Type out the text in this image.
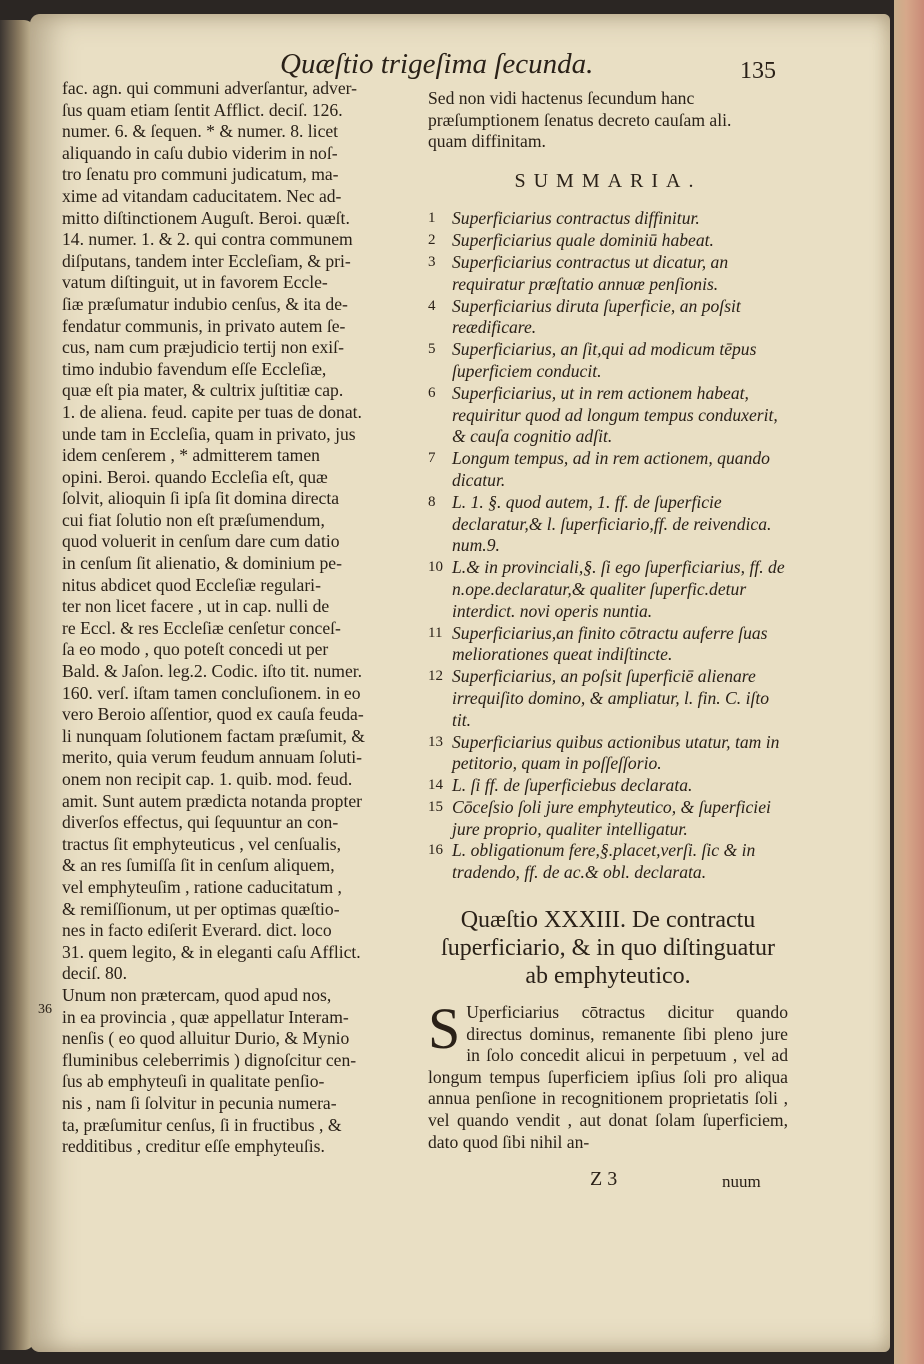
Quæſtio trigeſima ſecunda.	135
fac. agn. qui communi adverſantur, adver-
ſus quam etiam ſentit Afflict. deciſ. 126.
numer. 6. & ſequen. * & numer. 8. licet
aliquando in caſu dubio viderim in noſ-
tro ſenatu pro communi judicatum, ma-
xime ad vitandam caducitatem. Nec ad-
mitto diſtinctionem Auguſt. Beroi. quæſt.
14. numer. 1. & 2. qui contra communem
diſputans, tandem inter Eccleſiam, & pri-
vatum diſtinguit, ut in favorem Eccle-
ſiæ præſumatur indubio cenſus, & ita de-
fendatur communis, in privato autem ſe-
cus, nam cum præjudicio tertij non exiſ-
timo indubio favendum eſſe Eccleſiæ,
quæ eſt pia mater, & cultrix juſtitiæ cap.
1. de aliena. feud. capite per tuas de donat.
unde tam in Eccleſia, quam in privato, jus
idem cenſerem , * admitterem tamen
opini. Beroi. quando Eccleſia eſt, quæ
ſolvit, alioquin ſi ipſa ſit domina directa
cui fiat ſolutio non eſt præſumendum,
quod voluerit in cenſum dare cum datio
in cenſum ſit alienatio, & dominium pe-
nitus abdicet quod Eccleſiæ regulari-
ter non licet facere , ut in cap. nulli de
re Eccl. & res Eccleſiæ cenſetur conceſ-
ſa eo modo , quo poteſt concedi ut per
Bald. & Jaſon. leg.2. Codic. iſto tit. numer.
160. verſ. iſtam tamen concluſionem. in eo
vero Beroio aſſentior, quod ex cauſa feuda-
li nunquam ſolutionem factam præſumit, &
merito, quia verum feudum annuam ſoluti-
onem non recipit cap. 1. quib. mod. feud.
amit. Sunt autem prædicta notanda propter
diverſos effectus, qui ſequuntur an con-
tractus ſit emphyteuticus , vel cenſualis,
& an res ſumiſſa ſit in cenſum aliquem,
vel emphyteuſim , ratione caducitatum ,
& remiſſionum, ut per optimas quæſtio-
nes in facto ediſerit Everard. dict. loco
31. quem legito, & in eleganti caſu Afflict.
deciſ. 80.
Unum non prætercam, quod apud nos,
in ea provincia , quæ appellatur Interam-
nenſis ( eo quod alluitur Durio, & Mynio
fluminibus celeberrimis ) dignoſcitur cen-
ſus ab emphyteuſi in qualitate penſio-
nis , nam ſi ſolvitur in pecunia numera-
ta, præſumitur cenſus, ſi in fructibus , &
redditibus , creditur eſſe emphyteuſis.
36
Sed non vidi hactenus ſecundum hanc
præſumptionem ſenatus decreto cauſam ali.
quam diffinitam.
SUMMARIA.
1 Superficiarius contractus diffinitur.
2 Superficiarius quale dominiū habeat.
3 Superficiarius contractus ut dicatur, an requiratur præſtatio annuæ penſionis.
4 Superficiarius diruta ſuperficie, an poſsit reædificare.
5 Superficiarius, an ſit,qui ad modicum tēpus ſuperficiem conducit.
6 Superficiarius, ut in rem actionem habeat, requiritur quod ad longum tempus conduxerit, & cauſa cognitio adſit.
7 Longum tempus, ad in rem actionem, quando dicatur.
8 L. 1. §. quod autem, 1. ff. de ſuperficie declaratur,& l. ſuperficiario,ff. de reivendica. num.9.
10 L.& in provinciali,§. ſi ego ſuperficiarius, ff. de n.ope.declaratur,& qualiter ſuperfic.detur interdict. novi operis nuntia.
11 Superficiarius,an finito cōtractu auferre ſuas meliorationes queat indiſtincte.
12 Superficiarius, an poſsit ſuperficiē alienare irrequiſito domino, & ampliatur, l. fin. C. iſto tit.
13 Superficiarius quibus actionibus utatur, tam in petitorio, quam in poſſeſſorio.
14 L. ſi ff. de ſuperficiebus declarata.
15 Cōceſsio ſoli jure emphyteutico, & ſuperficiei jure proprio, qualiter intelligatur.
16 L. obligationum fere,§.placet,verſi. ſic & in tradendo, ff. de ac.& obl. declarata.
Quæſtio XXXIII. De contractu ſuperficiario, & in quo diſtinguatur ab emphyteutico.
S Uperficiarius cōtractus dicitur quando directus dominus, remanente ſibi pleno jure in ſolo concedit alicui in perpetuum , vel ad longum tempus ſuperficiem ipſius ſoli pro aliqua annua penſione in recognitionem proprietatis ſoli , vel quando vendit , aut donat ſolam ſuperficiem, dato quod ſibi nihil an-
Z 3	nuum
